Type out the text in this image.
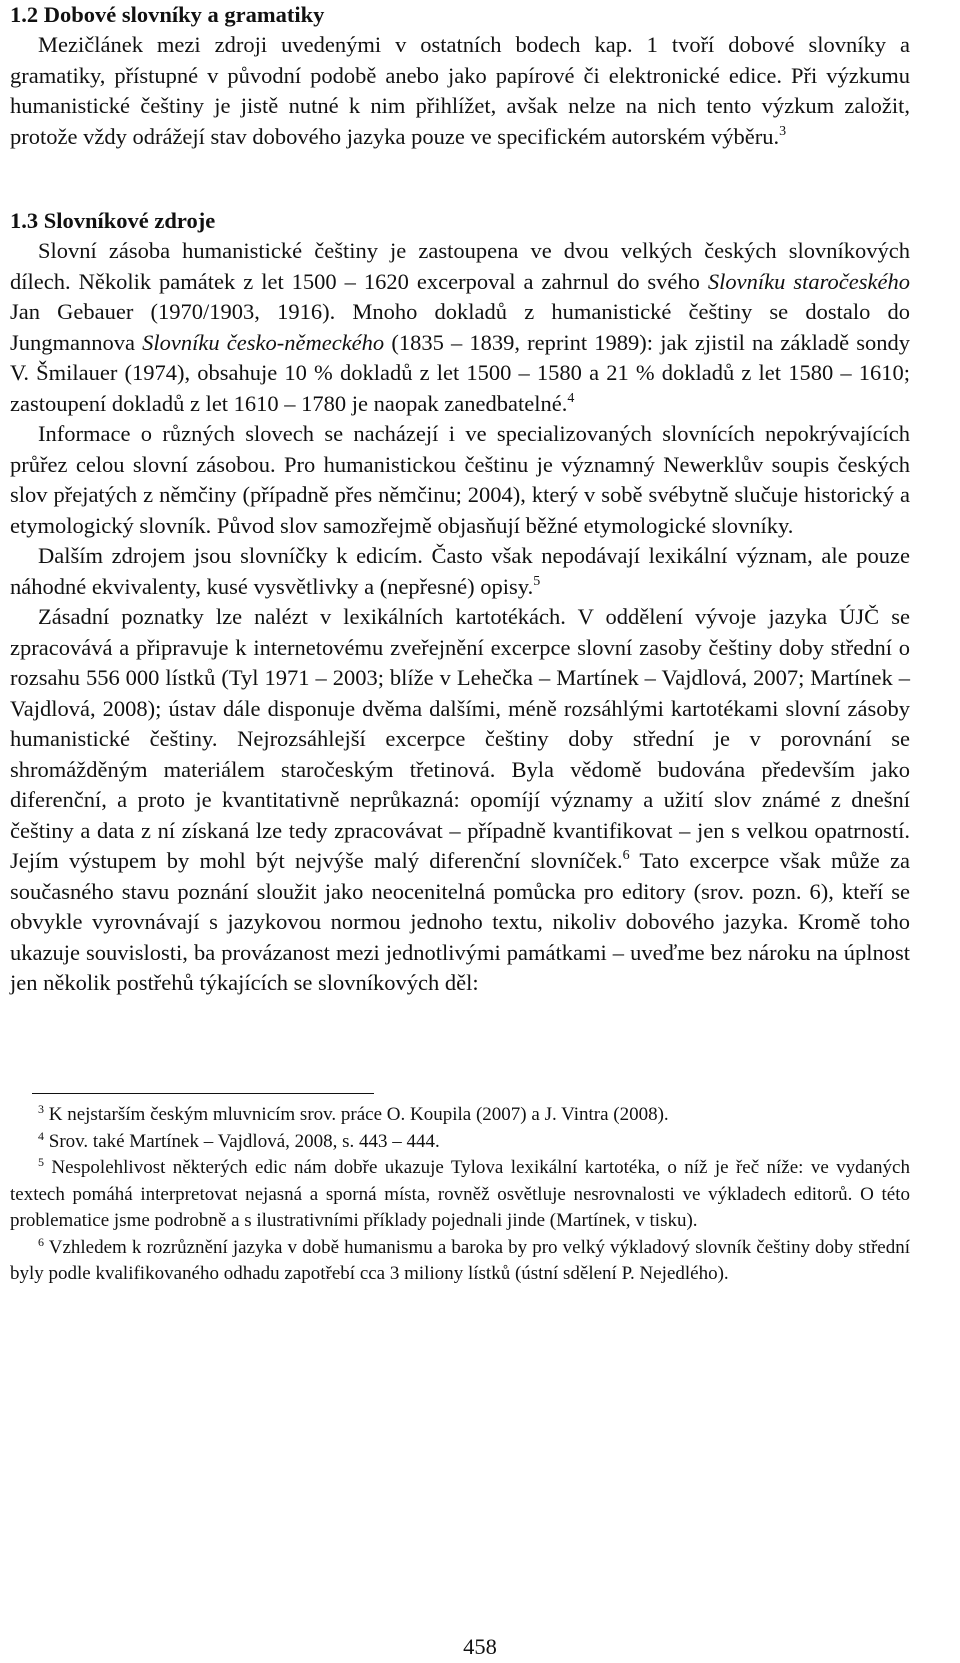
1.2 Dobové slovníky a gramatiky
Mezičlánek mezi zdroji uvedenými v ostatních bodech kap. 1 tvoří dobové slovníky a gramatiky, přístupné v původní podobě anebo jako papírové či elektronické edice. Při výzkumu humanistické češtiny je jistě nutné k nim přihlížet, avšak nelze na nich tento výzkum založit, protože vždy odrážejí stav dobového jazyka pouze ve specifickém autorském výběru.$^3$
1.3 Slovníkové zdroje

Slovní zásoba humanistické češtiny je zastoupena ve dvou velkých českých slovníkových dílech. Několik památek z let 1500 – 1620 excerpoval a zahrnul do svého Slovníku staročeského Jan Gebauer (1970/1903, 1916). Mnoho dokladů z humanistické češtiny se dostalo do Jungmannova Slovníku česko-německého (1835 – 1839, reprint 1989): jak zjistil na základě sondy V. Šmilauer (1974), obsahuje 10 % dokladů z let 1500 – 1580 a 21 % dokladů z let 1580 – 1610; zastoupení dokladů z let 1610 – 1780 je naopak zanedbatelné.$^4$

Informace o různých slovech se nacházejí i ve specializovaných slovnících nepokrývajících průřez celou slovní zásobou. Pro humanistickou češtinu je významný Newerklův soupis českých slov přejatých z němčiny (případně přes němčinu; 2004), který v sobě svébytně slučuje historický a etymologický slovník. Původ slov samozřejmě objasňují běžné etymologické slovníky.

Dalším zdrojem jsou slovníčky k edicím. Často však nepodávají lexikální význam, ale pouze náhodné ekvivalenty, kusé vysvětlivky a (nepřesné) opisy.$^5$

Zásadní poznatky lze nalézt v lexikálních kartotékách. V oddělení vývoje jazyka ÚJČ se zpracovává a připravuje k internetovému zveřejnění excerpce slovní zasoby češtiny doby střední o rozsahu 556 000 lístků (Tyl 1971 – 2003; blíže v Lehečka – Martínek – Vajdlová, 2007; Martínek – Vajdlová, 2008); ústav dále disponuje dvěma dalšími, méně rozsáhlými kartotékami slovní zásoby humanistické češtiny. Nejrozsáhlejší excerpce češtiny doby střední je v porovnání se shromážděným materiálem staročeským třetinová. Byla vědomě budována především jako diferenční, a proto je kvantitativně neprůkazná: opomíjí významy a užití slov známé z dnešní češtiny a data z ní získaná lze tedy zpracovávat – případně kvantifikovat – jen s velkou opatrností. Jejím výstupem by mohl být nejvýše malý diferenční slovníček.$^6$ Tato excerpce však může za současného stavu poznání sloužit jako neocenitelná pomůcka pro editory (srov. pozn. 6), kteří se obvykle vyrovnávají s jazykovou normou jednoho textu, nikoliv dobového jazyka. Kromě toho ukazuje souvislosti, ba provázanost mezi jednotlivými památkami – uveďme bez nároku na úplnost jen několik postřehů týkajících se slovníkových děl:

$^3$ K nejstarším českým mluvnicím srov. práce O. Koupila (2007) a J. Vintra (2008).

$^4$ Srov. také Martínek – Vajdlová, 2008, s. 443 – 444.

$^5$ Nespolehlivost některých edic nám dobře ukazuje Tylova lexikální kartotéka, o níž je řeč níže: ve vydaných textech pomáhá interpretovat nejasná a sporná místa, rovněž osvětluje nesrovnalosti ve výkladech editorů. O této problematice jsme podrobně a s ilustrativními příklady pojednali jinde (Martínek, v tisku).

$^6$ Vzhledem k rozrůznění jazyka v době humanismu a baroka by pro velký výkladový slovník češtiny doby střední byly podle kvalifikovaného odhadu zapotřebí cca 3 miliony lístků (ústní sdělení P. Nejedlého).

458
